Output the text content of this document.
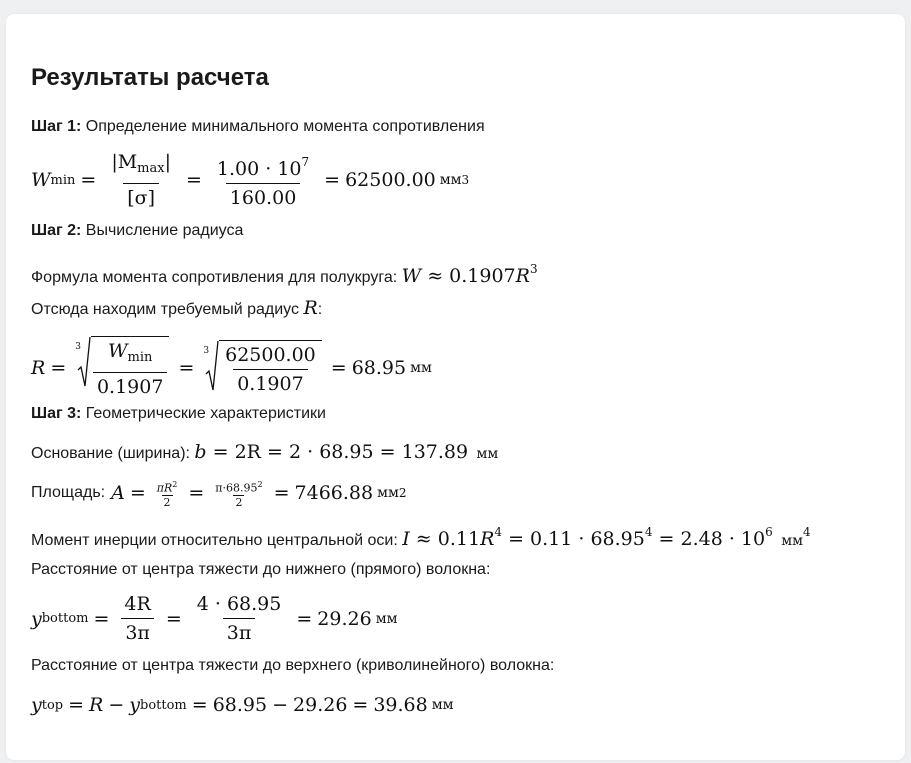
Результаты расчета
Шаг 1: Определение минимального момента сопротивления
W $\min = \frac{|M_{max}|}{[\sigma]} = \frac{1.00 \cdot 10^7}{160.00} = 62500.00$ мм 3
Шаг 2: Вычисление радиуса
Формула момента сопротивления для полукруга: $W \approx 0.1907R^3$
Отсюда находим требуемый радиус R:
R =
$3 \frac{W_{min}}{0.1907}$ =
$3 \frac{62500.00}{0.1907} = 68.95$ мм
Шаг 3: Геометрические характеристики
Основание (ширина): b = 2R = 2 · 68.95 = 137.89 мм
Площадь: $A = \frac{\pi R^2}{2} = \frac{\pi\cdot 68.95^2}{2} = 7466.88$ мм 2
Момент инерции относительно центральной оси: $I \approx 0.11R^4 = 0.11 \cdot 68.95^4 = 2.48 \cdot 10^6$ $мм^4$
Расстояние от центра тяжести до нижнего (прямого) волокна:
y bottom = $\frac{4R}{3\pi} = \frac{4 \cdot 68.95}{3\pi} = 29.26$ мм
Расстояние от центра тяжести до верхнего (криволинейного) волокна:
y top = R − y bottom = 68.95 − 29.26 = 39.68 мм
